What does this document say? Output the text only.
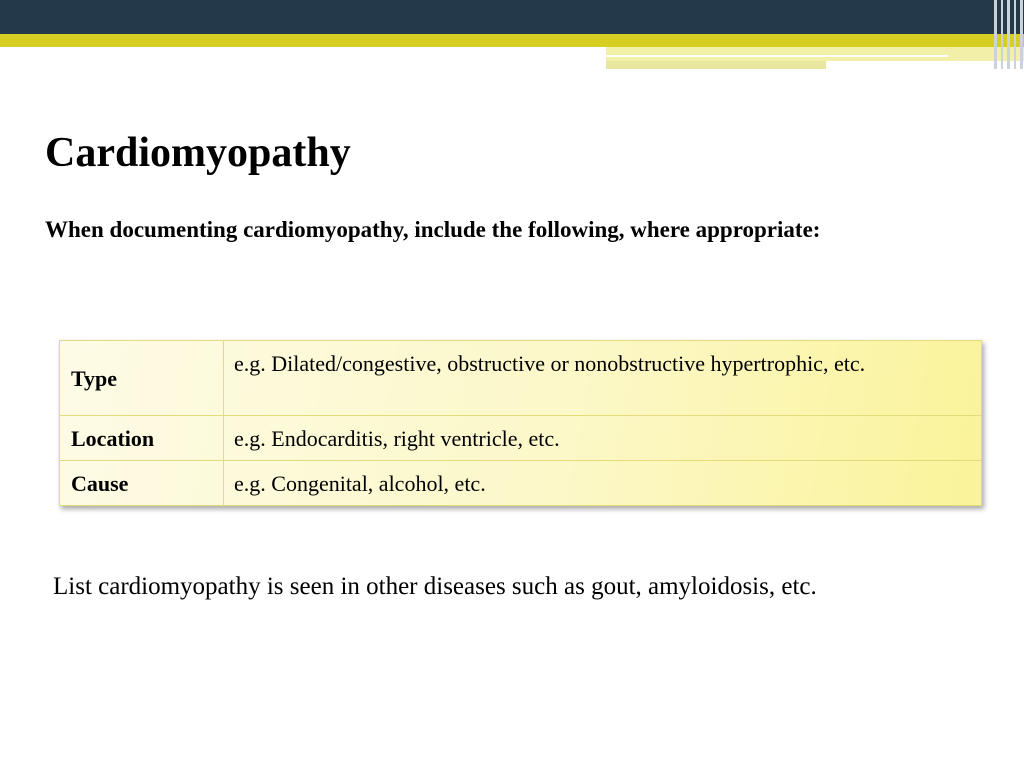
Cardiomyopathy

When documenting cardiomyopathy, include the following, where appropriate:

Type	e.g. Dilated/congestive, obstructive or nonobstructive hypertrophic, etc.
Location	e.g. Endocarditis, right ventricle, etc.
Cause	e.g. Congenital, alcohol, etc.

List cardiomyopathy is seen in other diseases such as gout, amyloidosis, etc.
